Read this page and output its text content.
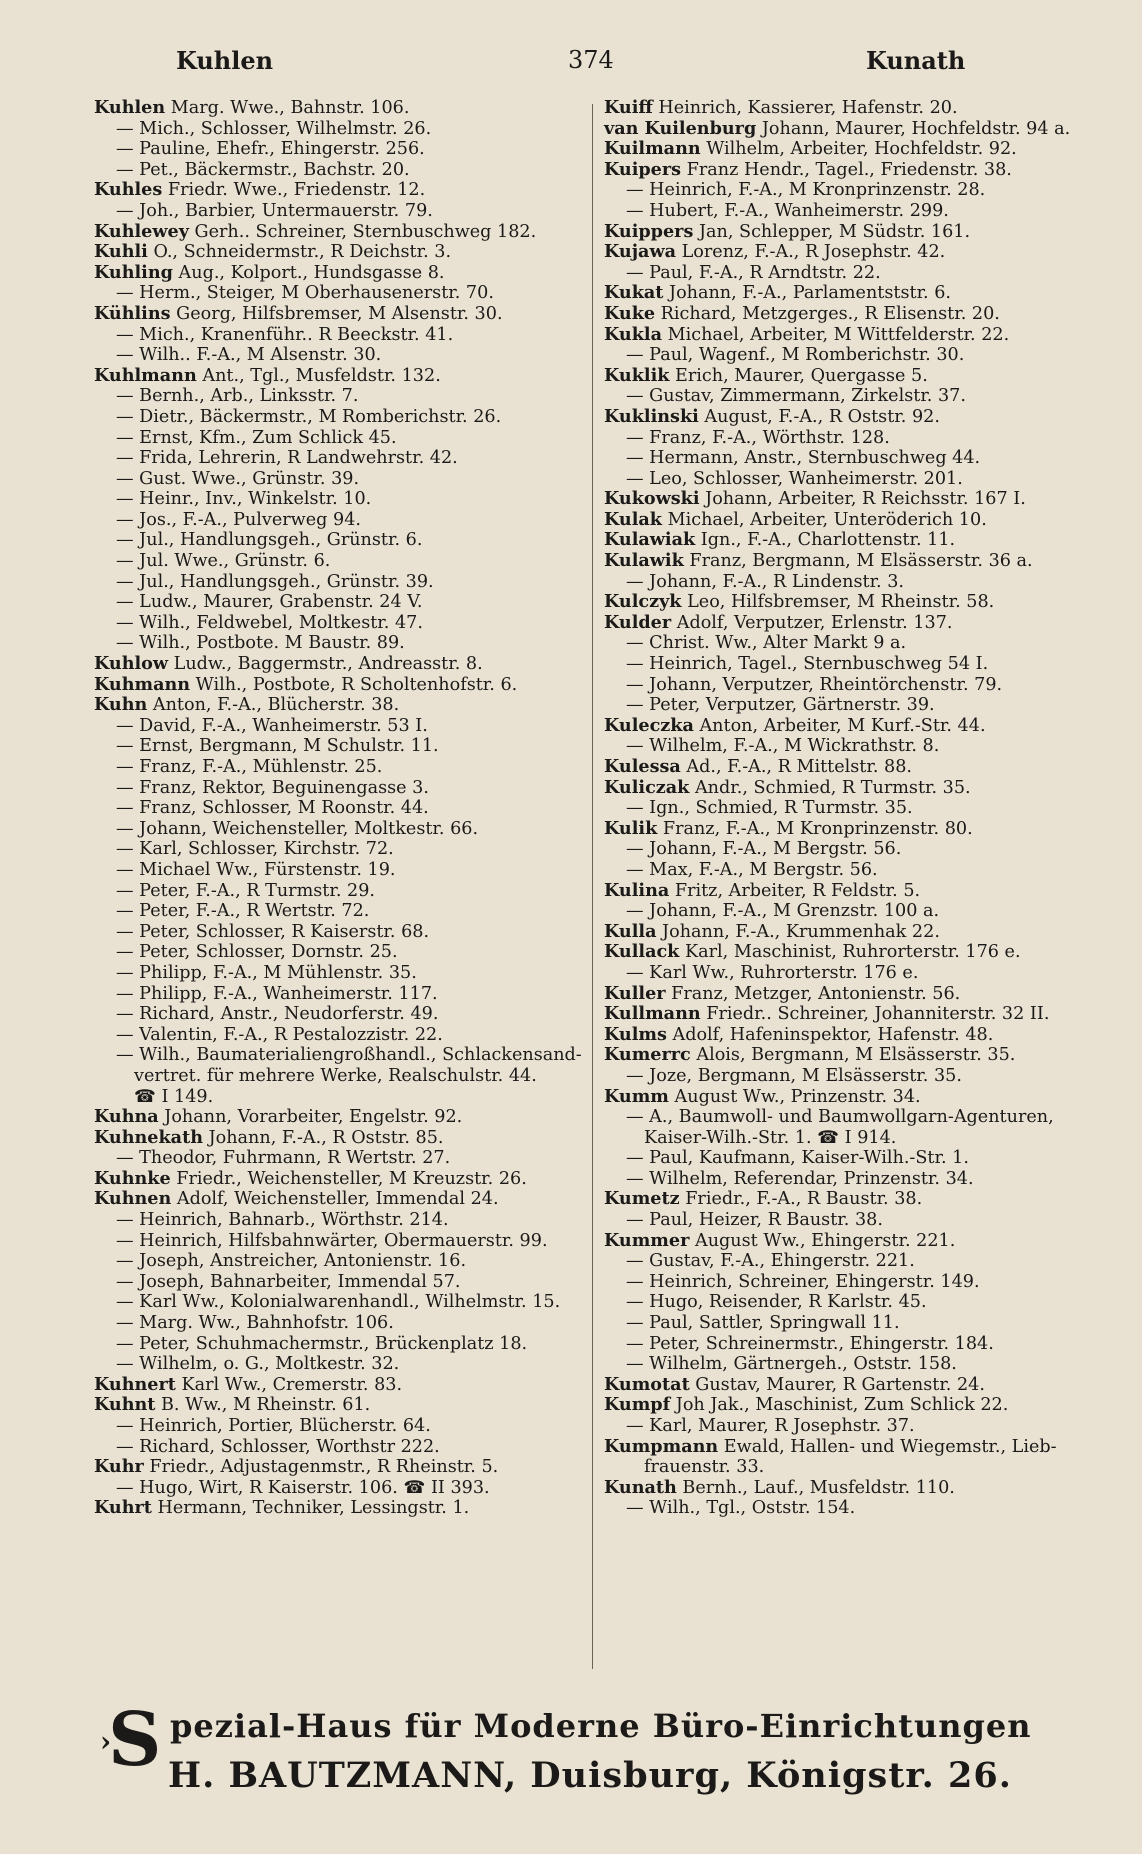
Kuhlen	374	Kunath
Kuhlen Marg. Wwe., Bahnstr. 106.
— Mich., Schlosser, Wilhelmstr. 26.
— Pauline, Ehefr., Ehingerstr. 256.
— Pet., Bäckermstr., Bachstr. 20.
Kuhles Friedr. Wwe., Friedenstr. 12.
— Joh., Barbier, Untermauerstr. 79.
Kuhlewey Gerh.. Schreiner, Sternbuschweg 182.
Kuhli O., Schneidermstr., R Deichstr. 3.
Kuhling Aug., Kolport., Hundsgasse 8.
— Herm., Steiger, M Oberhausenerstr. 70.
Kühlins Georg, Hilfsbremser, M Alsenstr. 30.
— Mich., Kranenführ.. R Beeckstr. 41.
— Wilh.. F.-A., M Alsenstr. 30.
Kuhlmann Ant., Tgl., Musfeldstr. 132.
— Bernh., Arb., Linksstr. 7.
— Dietr., Bäckermstr., M Romberichstr. 26.
— Ernst, Kfm., Zum Schlick 45.
— Frida, Lehrerin, R Landwehrstr. 42.
— Gust. Wwe., Grünstr. 39.
— Heinr., Inv., Winkelstr. 10.
— Jos., F.-A., Pulverweg 94.
— Jul., Handlungsgeh., Grünstr. 6.
— Jul. Wwe., Grünstr. 6.
— Jul., Handlungsgeh., Grünstr. 39.
— Ludw., Maurer, Grabenstr. 24 V.
— Wilh., Feldwebel, Moltkestr. 47.
— Wilh., Postbote. M Baustr. 89.
Kuhlow Ludw., Baggermstr., Andreasstr. 8.
Kuhmann Wilh., Postbote, R Scholtenhofstr. 6.
Kuhn Anton, F.-A., Blücherstr. 38.
— David, F.-A., Wanheimerstr. 53 I.
— Ernst, Bergmann, M Schulstr. 11.
— Franz, F.-A., Mühlenstr. 25.
— Franz, Rektor, Beguinengasse 3.
— Franz, Schlosser, M Roonstr. 44.
— Johann, Weichensteller, Moltkestr. 66.
— Karl, Schlosser, Kirchstr. 72.
— Michael Ww., Fürstenstr. 19.
— Peter, F.-A., R Turmstr. 29.
— Peter, F.-A., R Wertstr. 72.
— Peter, Schlosser, R Kaiserstr. 68.
— Peter, Schlosser, Dornstr. 25.
— Philipp, F.-A., M Mühlenstr. 35.
— Philipp, F.-A., Wanheimerstr. 117.
— Richard, Anstr., Neudorferstr. 49.
— Valentin, F.-A., R Pestalozzistr. 22.
— Wilh., Baumaterialiengroßhandl., Schlackensand-
vertret. für mehrere Werke, Realschulstr. 44.
☎ I 149.
Kuhna Johann, Vorarbeiter, Engelstr. 92.
Kuhnekath Johann, F.-A., R Oststr. 85.
— Theodor, Fuhrmann, R Wertstr. 27.
Kuhnke Friedr., Weichensteller, M Kreuzstr. 26.
Kuhnen Adolf, Weichensteller, Immendal 24.
— Heinrich, Bahnarb., Wörthstr. 214.
— Heinrich, Hilfsbahnwärter, Obermauerstr. 99.
— Joseph, Anstreicher, Antonienstr. 16.
— Joseph, Bahnarbeiter, Immendal 57.
— Karl Ww., Kolonialwarenhandl., Wilhelmstr. 15.
— Marg. Ww., Bahnhofstr. 106.
— Peter, Schuhmachermstr., Brückenplatz 18.
— Wilhelm, o. G., Moltkestr. 32.
Kuhnert Karl Ww., Cremerstr. 83.
Kuhnt B. Ww., M Rheinstr. 61.
— Heinrich, Portier, Blücherstr. 64.
— Richard, Schlosser, Worthstr 222.
Kuhr Friedr., Adjustagenmstr., R Rheinstr. 5.
— Hugo, Wirt, R Kaiserstr. 106. ☎ II 393.
Kuhrt Hermann, Techniker, Lessingstr. 1.
Kuiff Heinrich, Kassierer, Hafenstr. 20.
van Kuilenburg Johann, Maurer, Hochfeldstr. 94 a.
Kuilmann Wilhelm, Arbeiter, Hochfeldstr. 92.
Kuipers Franz Hendr., Tagel., Friedenstr. 38.
— Heinrich, F.-A., M Kronprinzenstr. 28.
— Hubert, F.-A., Wanheimerstr. 299.
Kuippers Jan, Schlepper, M Südstr. 161.
Kujawa Lorenz, F.-A., R Josephstr. 42.
— Paul, F.-A., R Arndtstr. 22.
Kukat Johann, F.-A., Parlamentststr. 6.
Kuke Richard, Metzgerges., R Elisenstr. 20.
Kukla Michael, Arbeiter, M Wittfelderstr. 22.
— Paul, Wagenf., M Romberichstr. 30.
Kuklik Erich, Maurer, Quergasse 5.
— Gustav, Zimmermann, Zirkelstr. 37.
Kuklinski August, F.-A., R Oststr. 92.
— Franz, F.-A., Wörthstr. 128.
— Hermann, Anstr., Sternbuschweg 44.
— Leo, Schlosser, Wanheimerstr. 201.
Kukowski Johann, Arbeiter, R Reichsstr. 167 I.
Kulak Michael, Arbeiter, Unteröderich 10.
Kulawiak Ign., F.-A., Charlottenstr. 11.
Kulawik Franz, Bergmann, M Elsässerstr. 36 a.
— Johann, F.-A., R Lindenstr. 3.
Kulczyk Leo, Hilfsbremser, M Rheinstr. 58.
Kulder Adolf, Verputzer, Erlenstr. 137.
— Christ. Ww., Alter Markt 9 a.
— Heinrich, Tagel., Sternbuschweg 54 I.
— Johann, Verputzer, Rheintörchenstr. 79.
— Peter, Verputzer, Gärtnerstr. 39.
Kuleczka Anton, Arbeiter, M Kurf.-Str. 44.
— Wilhelm, F.-A., M Wickrathstr. 8.
Kulessa Ad., F.-A., R Mittelstr. 88.
Kuliczak Andr., Schmied, R Turmstr. 35.
— Ign., Schmied, R Turmstr. 35.
Kulik Franz, F.-A., M Kronprinzenstr. 80.
— Johann, F.-A., M Bergstr. 56.
— Max, F.-A., M Bergstr. 56.
Kulina Fritz, Arbeiter, R Feldstr. 5.
— Johann, F.-A., M Grenzstr. 100 a.
Kulla Johann, F.-A., Krummenhak 22.
Kullack Karl, Maschinist, Ruhrorterstr. 176 e.
— Karl Ww., Ruhrorterstr. 176 e.
Kuller Franz, Metzger, Antonienstr. 56.
Kullmann Friedr.. Schreiner, Johanniterstr. 32 II.
Kulms Adolf, Hafeninspektor, Hafenstr. 48.
Kumerrc Alois, Bergmann, M Elsässerstr. 35.
— Joze, Bergmann, M Elsässerstr. 35.
Kumm August Ww., Prinzenstr. 34.
— A., Baumwoll- und Baumwollgarn-Agenturen,
Kaiser-Wilh.-Str. 1. ☎ I 914.
— Paul, Kaufmann, Kaiser-Wilh.-Str. 1.
— Wilhelm, Referendar, Prinzenstr. 34.
Kumetz Friedr., F.-A., R Baustr. 38.
— Paul, Heizer, R Baustr. 38.
Kummer August Ww., Ehingerstr. 221.
— Gustav, F.-A., Ehingerstr. 221.
— Heinrich, Schreiner, Ehingerstr. 149.
— Hugo, Reisender, R Karlstr. 45.
— Paul, Sattler, Springwall 11.
— Peter, Schreinermstr., Ehingerstr. 184.
— Wilhelm, Gärtnergeh., Oststr. 158.
Kumotat Gustav, Maurer, R Gartenstr. 24.
Kumpf Joh Jak., Maschinist, Zum Schlick 22.
— Karl, Maurer, R Josephstr. 37.
Kumpmann Ewald, Hallen- und Wiegemstr., Lieb-
frauenstr. 33.
Kunath Bernh., Lauf., Musfeldstr. 110.
— Wilh., Tgl., Oststr. 154.
›
S pezial-Haus für Moderne Büro-Einrichtungen
H. BAUTZMANN, Duisburg, Königstr. 26.
